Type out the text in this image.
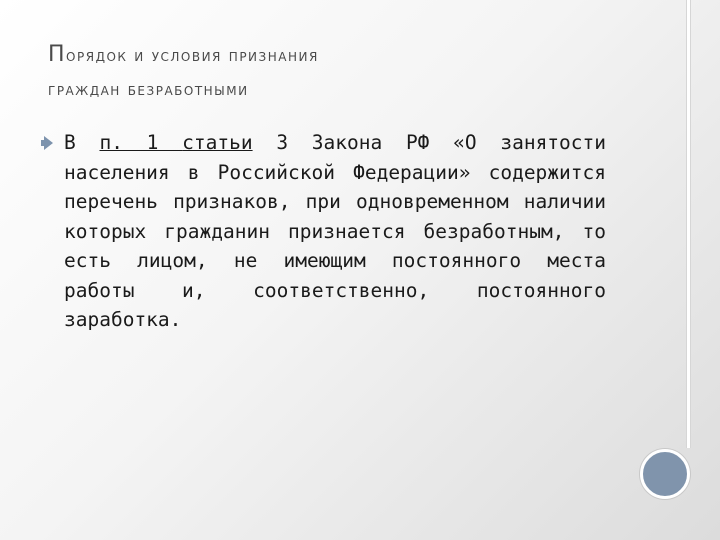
Порядок и условия признания
граждан безработными

В п. 1 статьи 3 Закона РФ «О занятости населения в Российской Федерации» содержится перечень признаков, при одновременном наличии которых гражданин признается безработным, то есть лицом, не имеющим постоянного места работы и, соответственно, постоянного заработка.
